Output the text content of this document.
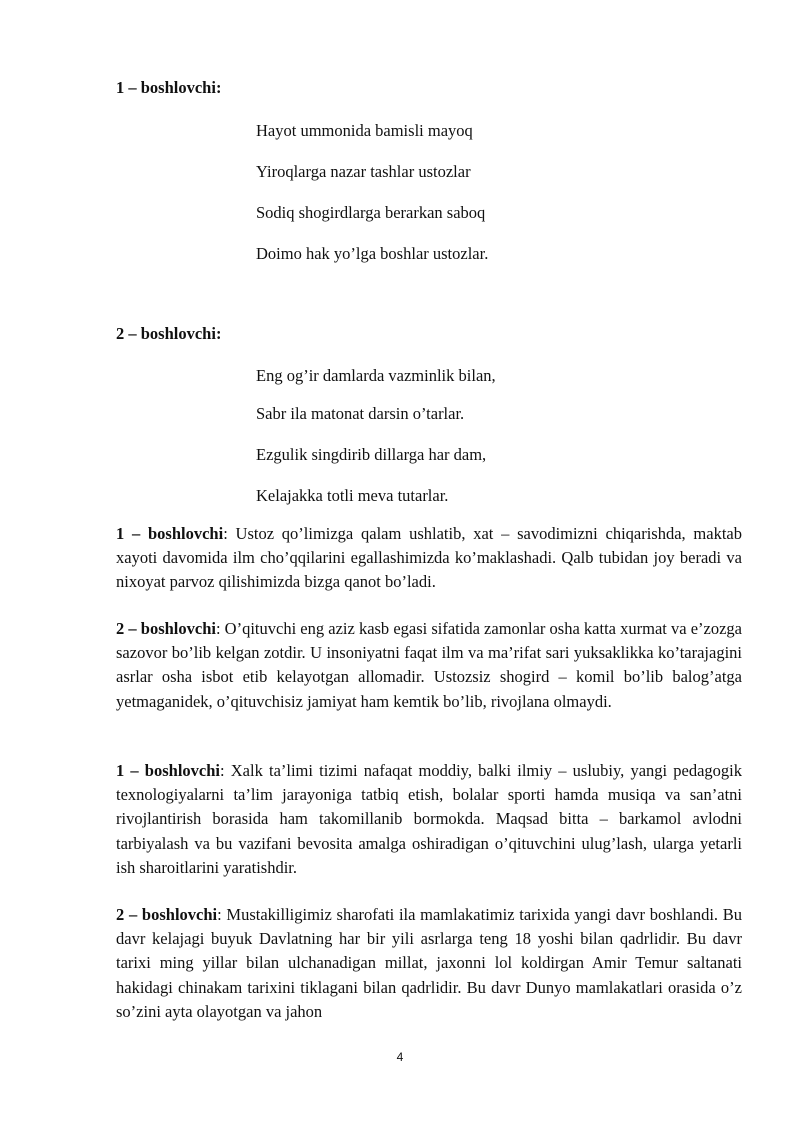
1 – boshlovchi:
Hayot ummonida bamisli mayoq
Yiroqlarga nazar tashlar ustozlar
Sodiq shogirdlarga berarkan saboq
Doimo hak yo’lga boshlar ustozlar.
2 – boshlovchi:
Eng og’ir damlarda vazminlik bilan,
Sabr ila matonat darsin o’tarlar.
Ezgulik singdirib dillarga har dam,
Kelajakka totli meva tutarlar.

1 – boshlovchi: Ustoz qo’limizga qalam ushlatib, xat – savodimizni chiqarishda, maktab xayoti davomida ilm cho’qqilarini egallashimizda ko’maklashadi. Qalb tubidan joy beradi va nixoyat parvoz qilishimizda bizga qanot bo’ladi.

2 – boshlovchi: O’qituvchi eng aziz kasb egasi sifatida zamonlar osha katta xurmat va e’zozga sazovor bo’lib kelgan zotdir. U insoniyatni faqat ilm va ma’rifat sari yuksaklikka ko’tarajagini asrlar osha isbot etib kelayotgan allomadir. Ustozsiz shogird – komil bo’lib balog’atga yetmaganidek, o’qituvchisiz jamiyat ham kemtik bo’lib, rivojlana olmaydi.

1 – boshlovchi: Xalk ta’limi tizimi nafaqat moddiy, balki ilmiy – uslubiy, yangi pedagogik texnologiyalarni ta’lim jarayoniga tatbiq etish, bolalar sporti hamda musiqa va san’atni rivojlantirish borasida ham takomillanib bormokda. Maqsad bitta – barkamol avlodni tarbiyalash va bu vazifani bevosita amalga oshiradigan o’qituvchini ulug’lash, ularga yetarli ish sharoitlarini yaratishdir.

2 – boshlovchi: Mustakilligimiz sharofati ila mamlakatimiz tarixida yangi davr boshlandi. Bu davr kelajagi buyuk Davlatning har bir yili asrlarga teng 18 yoshi bilan qadrlidir. Bu davr tarixi ming yillar bilan ulchanadigan millat, jaxonni lol koldirgan Amir Temur saltanati hakidagi chinakam tarixini tiklagani bilan qadrlidir. Bu davr Dunyo mamlakatlari orasida o’z so’zini ayta olayotgan va jahon

4
